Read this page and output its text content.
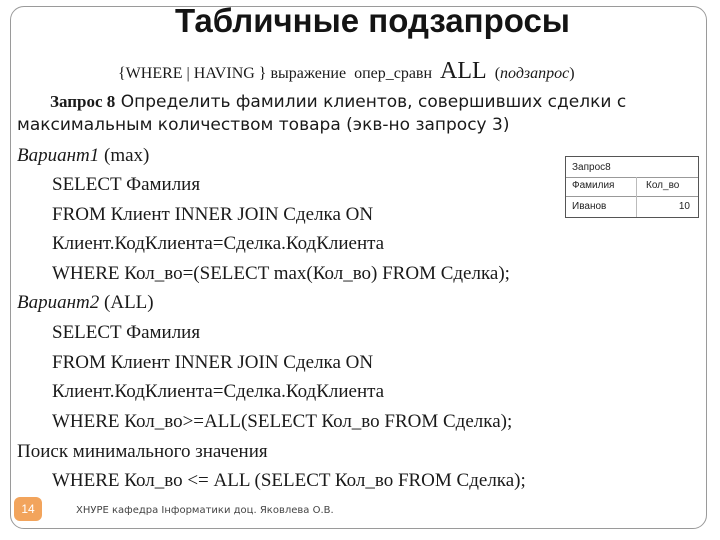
Табличные подзапросы
{WHERE | HAVING } выражение опер_сравн ALL  (подзапрос)
Запрос 8 Определить фамилии клиентов, совершивших сделки с
максимальным количеством товара (экв-но запросу 3)
Вариант1 (max)
SELECT Фамилия
FROM Клиент INNER JOIN Сделка ON
Клиент.КодКлиента=Сделка.КодКлиента
WHERE Кол_во=(SELECT max(Кол_во) FROM Сделка);
Вариант2 (ALL)
SELECT Фамилия
FROM Клиент INNER JOIN Сделка ON
Клиент.КодКлиента=Сделка.КодКлиента
WHERE Кол_во>=ALL(SELECT Кол_во FROM Сделка);
Поиск минимального значения
WHERE Кол_во <= ALL (SELECT Кол_во FROM Сделка);
Запрос8
Фамилия	Кол_во
Иванов	10
14	ХНУРЕ кафедра Інформатики доц. Яковлева О.В.
